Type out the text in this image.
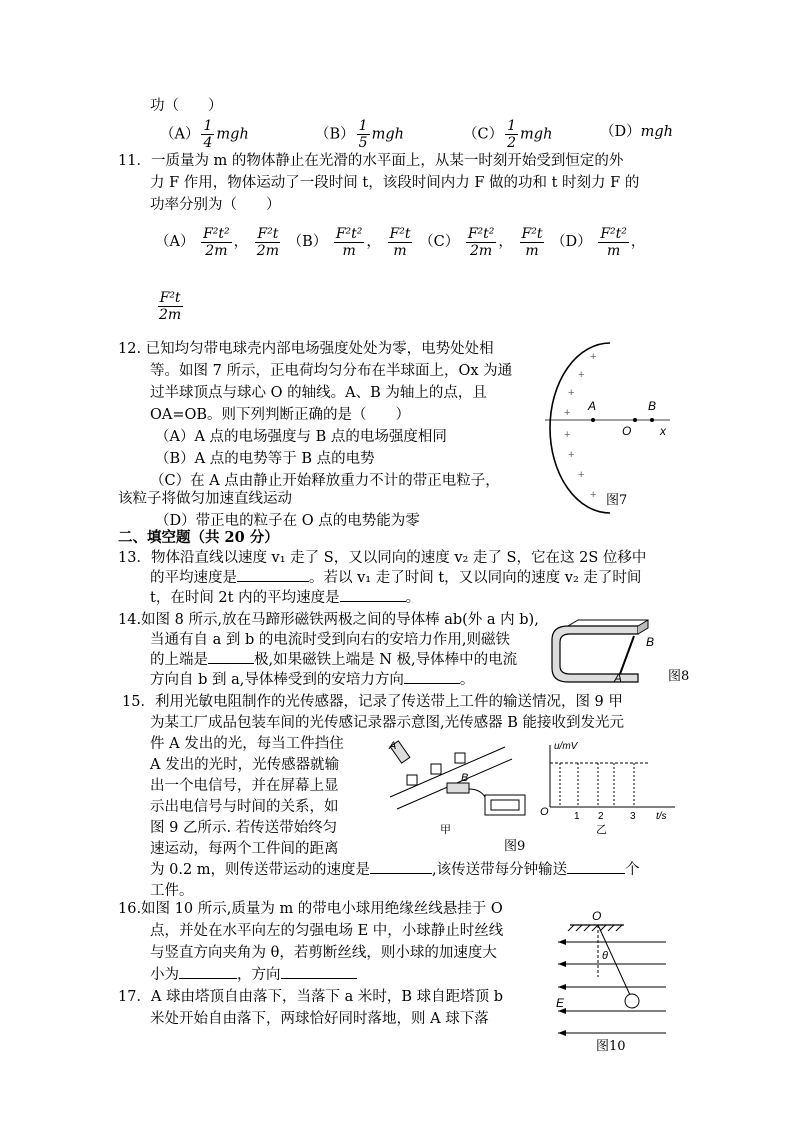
功（　　）
$(A) \frac{1}{4}$ mgh	$(B) \frac{1}{5}$ mgh	$(C) \frac{1}{2}$ mgh	（D）mgh
11．一质量为 m 的物体静止在光滑的水平面上，从某一时刻开始受到恒定的外
力 F 作用，物体运动了一段时间 t，该段时间内力 F 做的功和 t 时刻力 F 的
功率分别为（　　）
$(A) \frac{\text{F²t²}}{2m}$ ， $\frac{\text{F²t}}{2m} (B) \frac{\text{F²t²}}{m}$ ， $\frac{\text{F²t}}{m} (C) \frac{\text{F²t²}}{2m}$ ， $\frac{\text{F²t}}{m} (D) \frac{\text{F²t²}}{m}$ ，
$\frac{\text{F²t}}{2m}$
12. 已知均匀带电球壳内部电场强度处处为零，电势处处相
等。如图 7 所示，正电荷均匀分布在半球面上，Ox 为通
过半球顶点与球心 O 的轴线。A、B 为轴上的点，且
OA=OB。则下列判断正确的是（　　）
（A）A 点的电场强度与 B 点的电场强度相同
（B）A 点的电势等于 B 点的电势
（C）在 A 点由静止开始释放重力不计的带正电粒子，
该粒子将做匀加速直线运动
（D）带正电的粒子在 O 点的电势能为零
A	B
O x
+
+
+
+
+
+
+
+ 图7
二、填空题（共 20 分）
13．物体沿直线以速度 v₁ 走了 S，又以同向的速度 v₂ 走了 S，它在这 2S 位移中
的平均速度是	。若以 v₁ 走了时间 t，又以同向的速度 v₂ 走了时间
t，在时间 2t 内的平均速度是	。
14.如图 8 所示,放在马蹄形磁铁两极之间的导体棒 ab(外 a 内 b),
当通有自 a 到 b 的电流时受到向右的安培力作用,则磁铁
的上端是	极,如果磁铁上端是 N 极,导体棒中的电流
方向自 b 到 a,导体棒受到的安培力方向	。
B
A	图8
15．利用光敏电阻制作的光传感器，记录了传送带上工件的输送情况，图 9 甲
为某工厂成品包装车间的光传感记录器示意图,光传感器 B 能接收到发光元
件 A 发出的光，每当工件挡住
A 发出的光时，光传感器就输
出一个电信号，并在屏幕上显
示出电信号与时间的关系，如
图 9 乙所示. 若传送带始终匀
速运动，每两个工件间的距离
为 0.2 m，则传送带运动的速度是	,该传送带每分钟输送	个
工件。
A
B
甲
u/mV
t/s
O	1 2	3
乙
图9
16.如图 10 所示,质量为 m 的带电小球用绝缘丝线悬挂于 O
点，并处在水平向左的匀强电场 E 中，小球静止时丝线
与竖直方向夹角为 θ，若剪断丝线，则小球的加速度大
小为	，方向
17．A 球由塔顶自由落下，当落下 a 米时，B 球自距塔顶 b
米处开始自由落下，两球恰好同时落地，则 A 球下落
O
θ
E
图10
